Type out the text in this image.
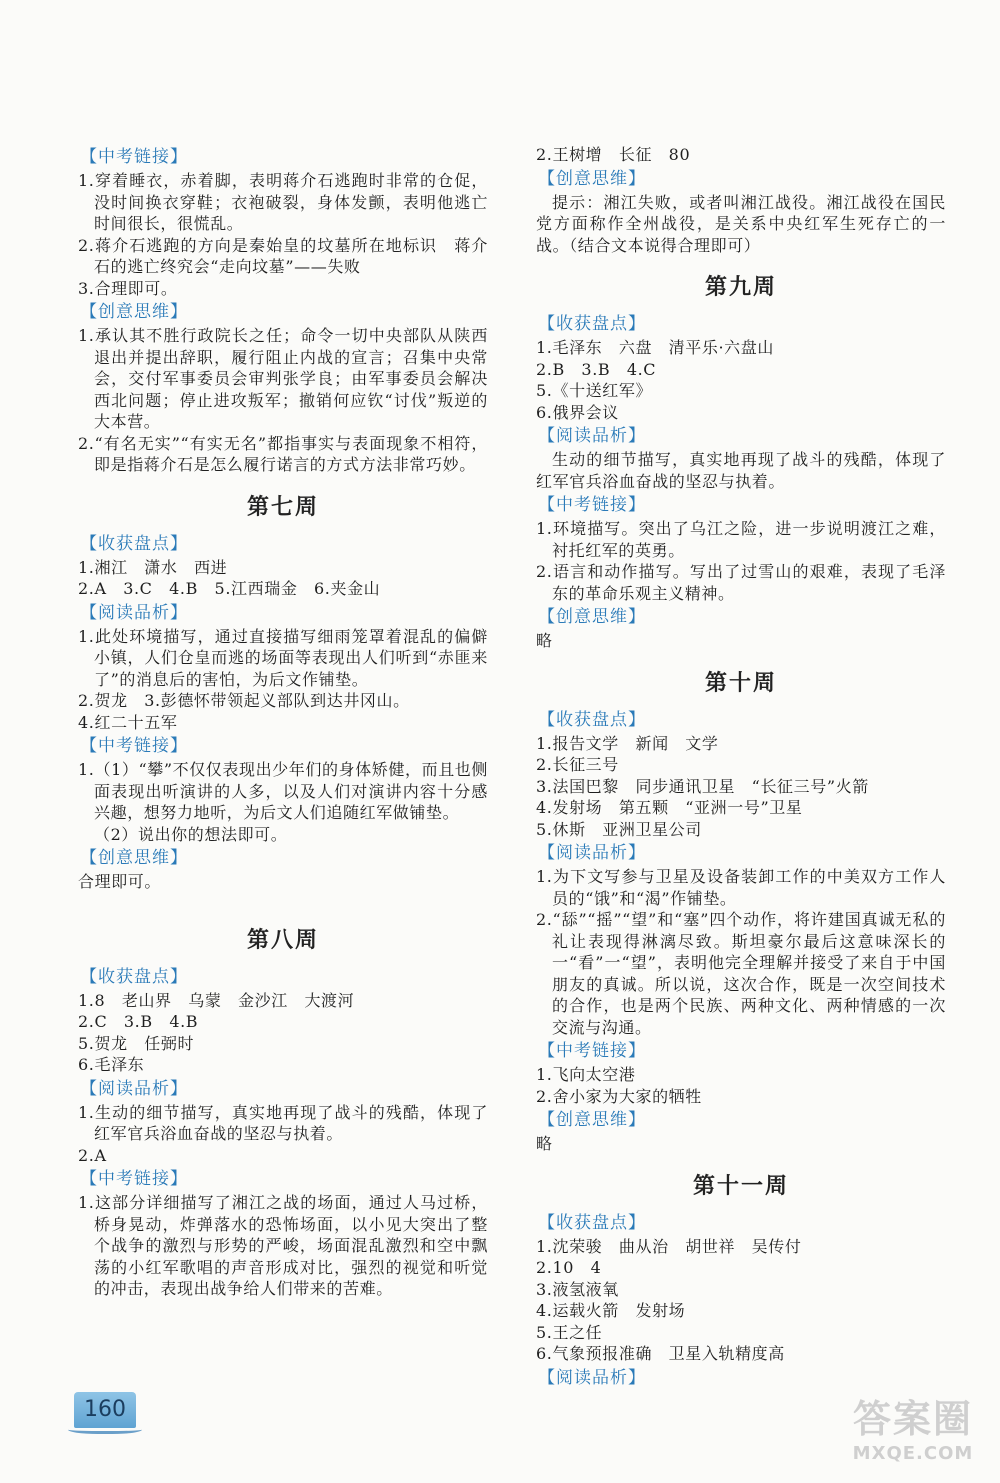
【中考链接】

1.穿着睡衣，赤着脚，表明蒋介石逃跑时非常的仓促，没时间换衣穿鞋；衣袍破裂，身体发颤，表明他逃亡时间很长，很慌乱。

2.蒋介石逃跑的方向是秦始皇的坟墓所在地标识　蒋介石的逃亡终究会“走向坟墓”——失败

3.合理即可。

【创意思维】

1.承认其不胜行政院长之任；命令一切中央部队从陕西退出并提出辞职，履行阻止内战的宣言；召集中央常会，交付军事委员会审判张学良；由军事委员会解决西北问题；停止进攻叛军；撤销何应钦“讨伐”叛逆的大本营。

2.“有名无实”“有实无名”都指事实与表面现象不相符，即是指蒋介石是怎么履行诺言的方式方法非常巧妙。

第七周
【收获盘点】

1.湘江　潇水　西进

2.A　3.C　4.B　5.江西瑞金　6.夹金山

【阅读品析】

1.此处环境描写，通过直接描写细雨笼罩着混乱的偏僻小镇，人们仓皇而逃的场面等表现出人们听到“赤匪来了”的消息后的害怕，为后文作铺垫。

2.贺龙　3.彭德怀带领起义部队到达井冈山。

4.红二十五军

【中考链接】

1.（1）“攀”不仅仅表现出少年们的身体矫健，而且也侧面表现出听演讲的人多，以及人们对演讲内容十分感兴趣，想努力地听，为后文人们追随红军做铺垫。

（2）说出你的想法即可。

【创意思维】

合理即可。

第八周
【收获盘点】

1.8　老山界　乌蒙　金沙江　大渡河

2.C　3.B　4.B

5.贺龙　任弼时

6.毛泽东

【阅读品析】

1.生动的细节描写，真实地再现了战斗的残酷，体现了红军官兵浴血奋战的坚忍与执着。

2.A

【中考链接】

1.这部分详细描写了湘江之战的场面，通过人马过桥，桥身晃动，炸弹落水的恐怖场面，以小见大突出了整个战争的激烈与形势的严峻，场面混乱激烈和空中飘荡的小红军歌唱的声音形成对比，强烈的视觉和听觉的冲击，表现出战争给人们带来的苦难。

2.王树增　长征　80

【创意思维】

提示：湘江失败，或者叫湘江战役。湘江战役在国民党方面称作全州战役，是关系中央红军生死存亡的一战。（结合文本说得合理即可）

第九周
【收获盘点】

1.毛泽东　六盘　清平乐·六盘山

2.B　3.B　4.C

5.《十送红军》

6.俄界会议

【阅读品析】

生动的细节描写，真实地再现了战斗的残酷，体现了红军官兵浴血奋战的坚忍与执着。

【中考链接】

1.环境描写。突出了乌江之险，进一步说明渡江之难，衬托红军的英勇。

2.语言和动作描写。写出了过雪山的艰难，表现了毛泽东的革命乐观主义精神。

【创意思维】

略

第十周
【收获盘点】

1.报告文学　新闻　文学

2.长征三号

3.法国巴黎　同步通讯卫星　“长征三号”火箭

4.发射场　第五颗　“亚洲一号”卫星

5.休斯　亚洲卫星公司

【阅读品析】

1.为下文写参与卫星及设备装卸工作的中美双方工作人员的“饿”和“渴”作铺垫。

2.“舔”“摇”“望”和“塞”四个动作，将许建国真诚无私的礼让表现得淋漓尽致。斯坦豪尔最后这意味深长的一“看”一“望”，表明他完全理解并接受了来自于中国朋友的真诚。所以说，这次合作，既是一次空间技术的合作，也是两个民族、两种文化、两种情感的一次交流与沟通。

【中考链接】

1.飞向太空港

2.舍小家为大家的牺牲

【创意思维】

略

第十一周
【收获盘点】

1.沈荣骏　曲从治　胡世祥　吴传付

2.10　4

3.液氢液氧

4.运载火箭　发射场

5.王之任

6.气象预报准确　卫星入轨精度高

【阅读品析】
160	答案圈
MXQE.COM
